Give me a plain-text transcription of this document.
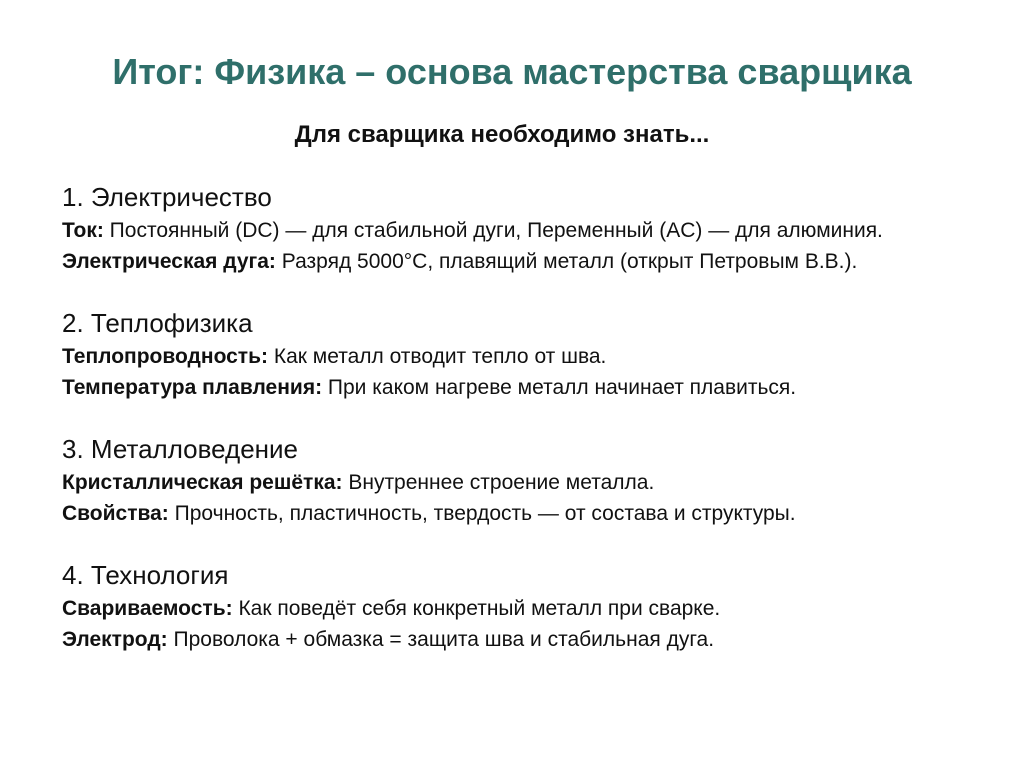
Итог: Физика – основа мастерства сварщика
Для сварщика необходимо знать...

1. Электричество

Ток: Постоянный (DC) — для стабильной дуги, Переменный (AC) — для алюминия.

Электрическая дуга: Разряд 5000°C, плавящий металл (открыт Петровым В.В.).

2. Теплофизика

Теплопроводность: Как металл отводит тепло от шва.

Температура плавления: При каком нагреве металл начинает плавиться.

3. Металловедение

Кристаллическая решётка: Внутреннее строение металла.

Свойства: Прочность, пластичность, твердость — от состава и структуры.

4. Технология

Свариваемость: Как поведёт себя конкретный металл при сварке.

Электрод: Проволока + обмазка = защита шва и стабильная дуга.
